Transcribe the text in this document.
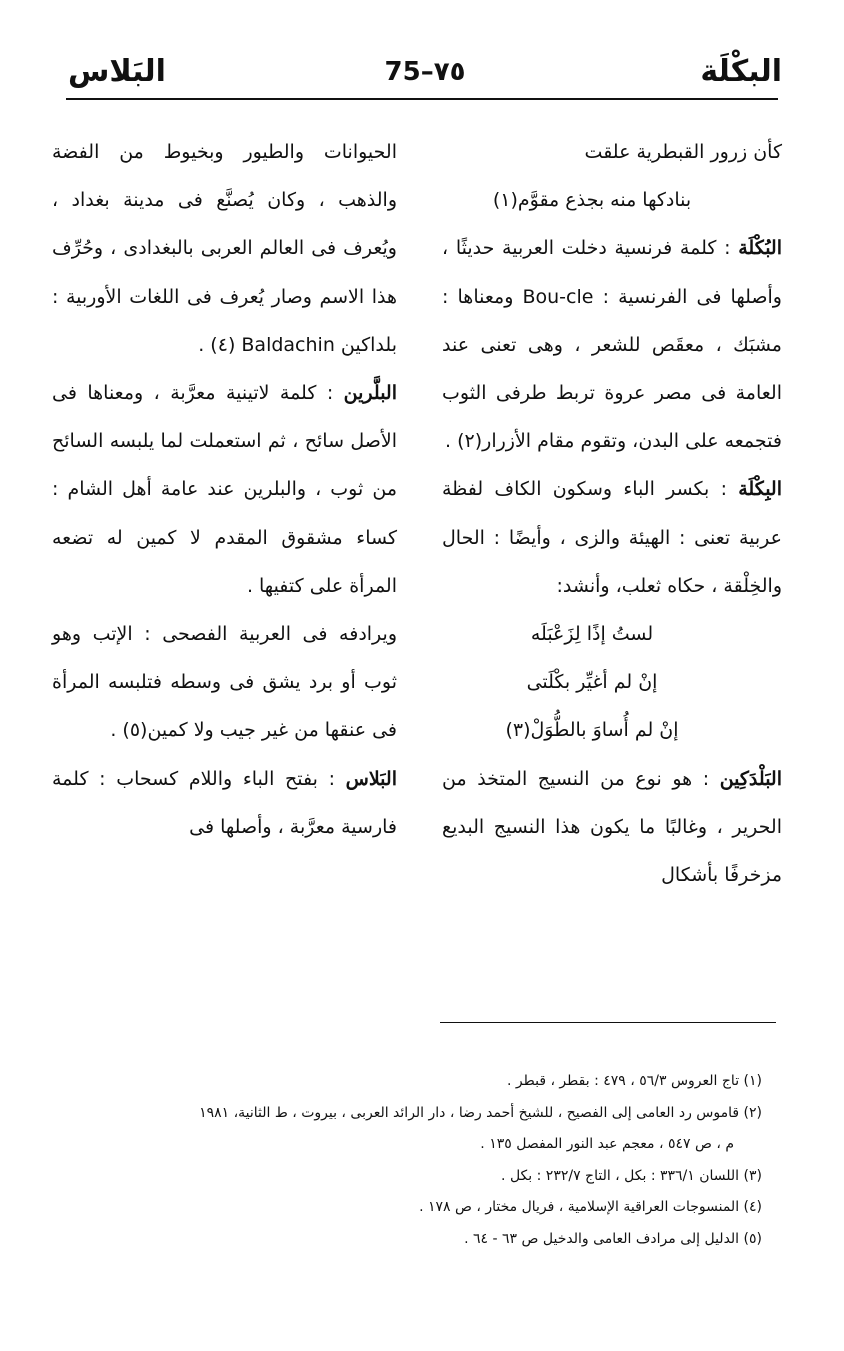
البكْلَة
75–٧٥
البَلاس

كأن زرور القبطرية علقت

بنادكها منه بجذع مقوَّم(١)

البُكْلَة : كلمة فرنسية دخلت العربية حديثًا ، وأصلها فى الفرنسية : Bou-cle ومعناها : مشبَك ، معقَص للشعر ، وهى تعنى عند العامة فى مصر عروة تربط طرفى الثوب فتجمعه على البدن، وتقوم مقام الأزرار(٢) .

البِكْلَة : بكسر الباء وسكون الكاف لفظة عربية تعنى : الهيئة والزى ، وأيضًا : الحال والخِلْقة ، حكاه ثعلب، وأنشد:

لستُ إذًا لِزَعْبَلَه

إنْ لم أغيِّر بكْلَتى

إنْ لم أُساوَ بالطُّوَلْ(٣)

البَلْدَكِين : هو نوع من النسيج المتخذ من الحرير ، وغالبًا ما يكون هذا النسيج البديع مزخرفًا بأشكال

الحيوانات والطيور وبخيوط من الفضة والذهب ، وكان يُصنَّع فى مدينة بغداد ، ويُعرف فى العالم العربى بالبغدادى ، وحُرِّف هذا الاسم وصار يُعرف فى اللغات الأوربية : بلداكين Baldachin (٤) .

البلَّرين : كلمة لاتينية معرَّبة ، ومعناها فى الأصل سائح ، ثم استعملت لما يلبسه السائح من ثوب ، والبلرين عند عامة أهل الشام : كساء مشقوق المقدم لا كمين له تضعه المرأة على كتفيها .

ويرادفه فى العربية الفصحى : الإتب وهو ثوب أو برد يشق فى وسطه فتلبسه المرأة فى عنقها من غير جيب ولا كمين(٥) .

البَلاس : بفتح الباء واللام كسحاب : كلمة فارسية معرَّبة ، وأصلها فى

(١) تاج العروس ٥٦/٣ ، ٤٧٩ : بقطر ، قبطر .

(٢) قاموس رد العامى إلى الفصيح ، للشيخ أحمد رضا ، دار الرائد العربى ، بيروت ، ط الثانية، ١٩٨١

م ، ص ٥٤٧ ، معجم عبد النور المفصل ١٣٥ .

(٣) اللسان ٣٣٦/١ : بكل ، التاج ٢٣٢/٧ : بكل .

(٤) المنسوجات العراقية الإسلامية ، فريال مختار ، ص ١٧٨ .

(٥) الدليل إلى مرادف العامى والدخيل ص ٦٣ - ٦٤ .
